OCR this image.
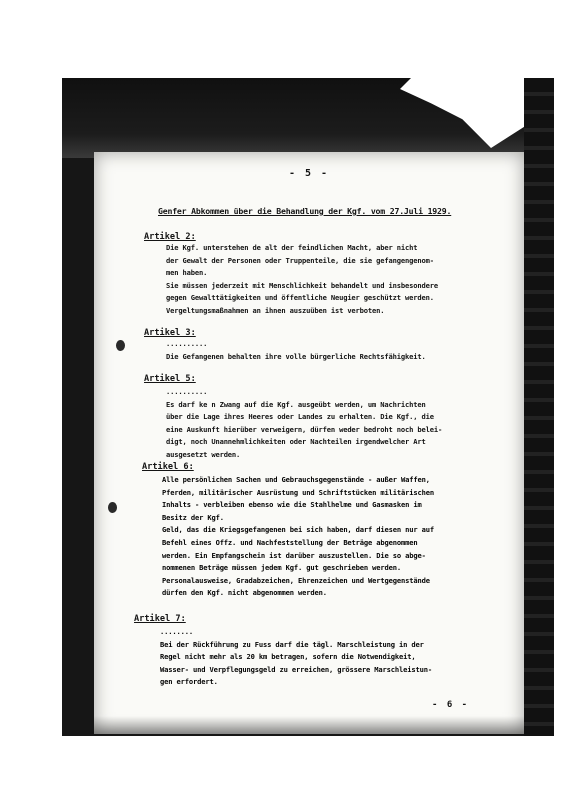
- 5 -
Genfer Abkommen über die Behandlung der Kgf. vom 27.Juli 1929.
Artikel 2:
Die Kgf. unterstehen de alt der feindlichen Macht, aber nicht
der Gewalt der Personen oder Truppenteile, die sie gefangengenom-
men haben.
Sie müssen jederzeit mit Menschlichkeit behandelt und insbesondere
gegen Gewalttätigkeiten und öffentliche Neugier geschützt werden.
Vergeltungsmaßnahmen an ihnen auszuüben ist verboten.
Artikel 3:
..........
Die Gefangenen behalten ihre volle bürgerliche Rechtsfähigkeit.
Artikel 5:
..........
Es darf ke n Zwang auf die Kgf. ausgeübt werden, um Nachrichten
über die Lage ihres Heeres oder Landes zu erhalten. Die Kgf., die
eine Auskunft hierüber verweigern, dürfen weder bedroht noch belei-
digt, noch Unannehmlichkeiten oder Nachteilen irgendwelcher Art
ausgesetzt werden.
Artikel 6:
Alle persönlichen Sachen und Gebrauchsgegenstände - außer Waffen,
Pferden, militärischer Ausrüstung und Schriftstücken militärischen
Inhalts - verbleiben ebenso wie die Stahlhelme und Gasmasken im
Besitz der Kgf.
Geld, das die Kriegsgefangenen bei sich haben, darf diesen nur auf
Befehl eines Offz. und Nachfeststellung der Beträge abgenommen
werden. Ein Empfangschein ist darüber auszustellen. Die so abge-
nommenen Beträge müssen jedem Kgf. gut geschrieben werden.
Personalausweise, Gradabzeichen, Ehrenzeichen und Wertgegenstände
dürfen den Kgf. nicht abgenommen werden.
Artikel 7:
........
Bei der Rückführung zu Fuss darf die tägl. Marschleistung in der
Regel nicht mehr als 20 km betragen, sofern die Notwendigkeit,
Wasser- und Verpflegungsgeld zu erreichen, grössere Marschleistun-
gen erfordert.
- 6 -
